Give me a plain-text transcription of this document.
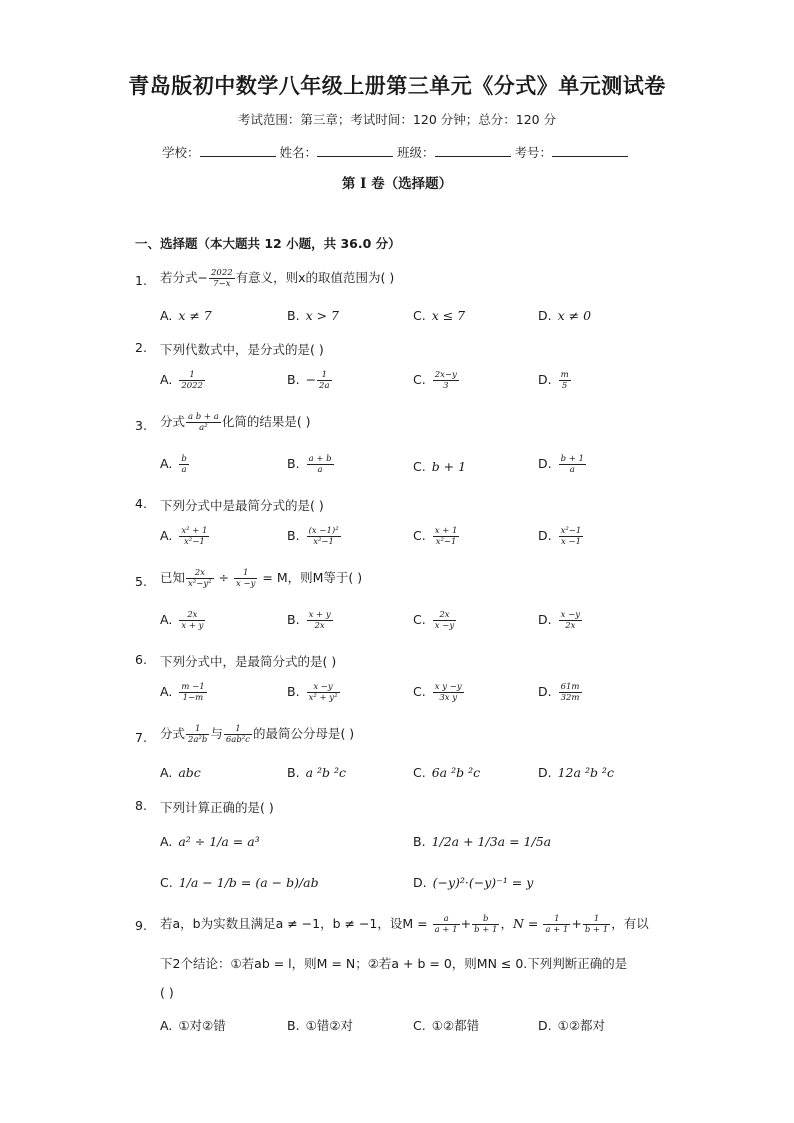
青岛版初中数学八年级上册第三单元《分式》单元测试卷
考试范围：第三章；考试时间：120 分钟；总分：120 分
学校：	姓名：	班级：	考号：
第 I 卷（选择题）
一、选择题（本大题共 12 小题，共 36.0 分）
1. 若分式− $\frac{2022}{7-x}$ 有意义，则x的取值范围为( )
A. x ≠ 7	B. x > 7	C. x ≤ 7	D. x ≠ 0
2. 下列代数式中，是分式的是( )
A. $\frac{1}{2022}$	B. − $\frac{1}{2a}$	C. $\frac{2x-y}{3}$	D. $\frac{m}{5}$
3. 分式 $\frac{\text{a b + a}}{\text{a²}}$ 化简的结果是( )
A. $\frac{b}{a}$	B. $\frac{a + b}{a}$	C. b + 1	D. $\frac{b + 1}{a}$
4. 下列分式中是最简分式的是( )
A. $\frac{\text{x² + 1}}{\text{x²−1}}$	B. $\frac{\text{(x −1)²}}{\text{x²−1}}$	C. $\frac{x + 1}{\text{x²−1}}$	D. $\frac{\text{x²−1}}{x -1}$
5. 已知 $\frac{2x}{\text{x²−y²}} \div \frac{1}{x -y} = M$，则M等于( )
A. $\frac{2x}{x + y}$	B. $\frac{x + y}{2x}$	C. $\frac{2x}{x -y}$	D. $\frac{x -y}{2x}$
6. 下列分式中，是最简分式的是( )
A. $\frac{m -1}{1-m}$	B. $\frac{x -y}{\text{x² + y²}}$	C. $\frac{\text{x y −y}}{\text{3x y}}$	D. $\frac{61m}{32m}$
7. 分式 $\frac{1}{\text{2a²b}}$ 与 $\frac{1}{\text{6ab²c}}$ 的最简公分母是( )
A. abc	B. a ²b ²c	C. 6a ²b ²c	D. 12a ²b ²c
8. 下列计算正确的是( )
A. a² ÷ 1/a = a³	B. 1/2a + 1/3a = 1/5a
C. 1/a − 1/b = (a − b)/ab	D. (−y)²·(−y)⁻¹ = y
9. 若a，b为实数且满足a ≠ −1，b ≠ −1，设$M = \frac{a}{a + 1} + \frac{b}{b + 1}$ ，$N = \frac{1}{a + 1} + \frac{1}{b + 1}$ ，有以
下2个结论：①若ab = l，则M = N；②若a + b = 0，则MN ≤ 0.下列判断正确的是
( )
A. ①对②错	B. ①错②对	C. ①②都错	D. ①②都对
